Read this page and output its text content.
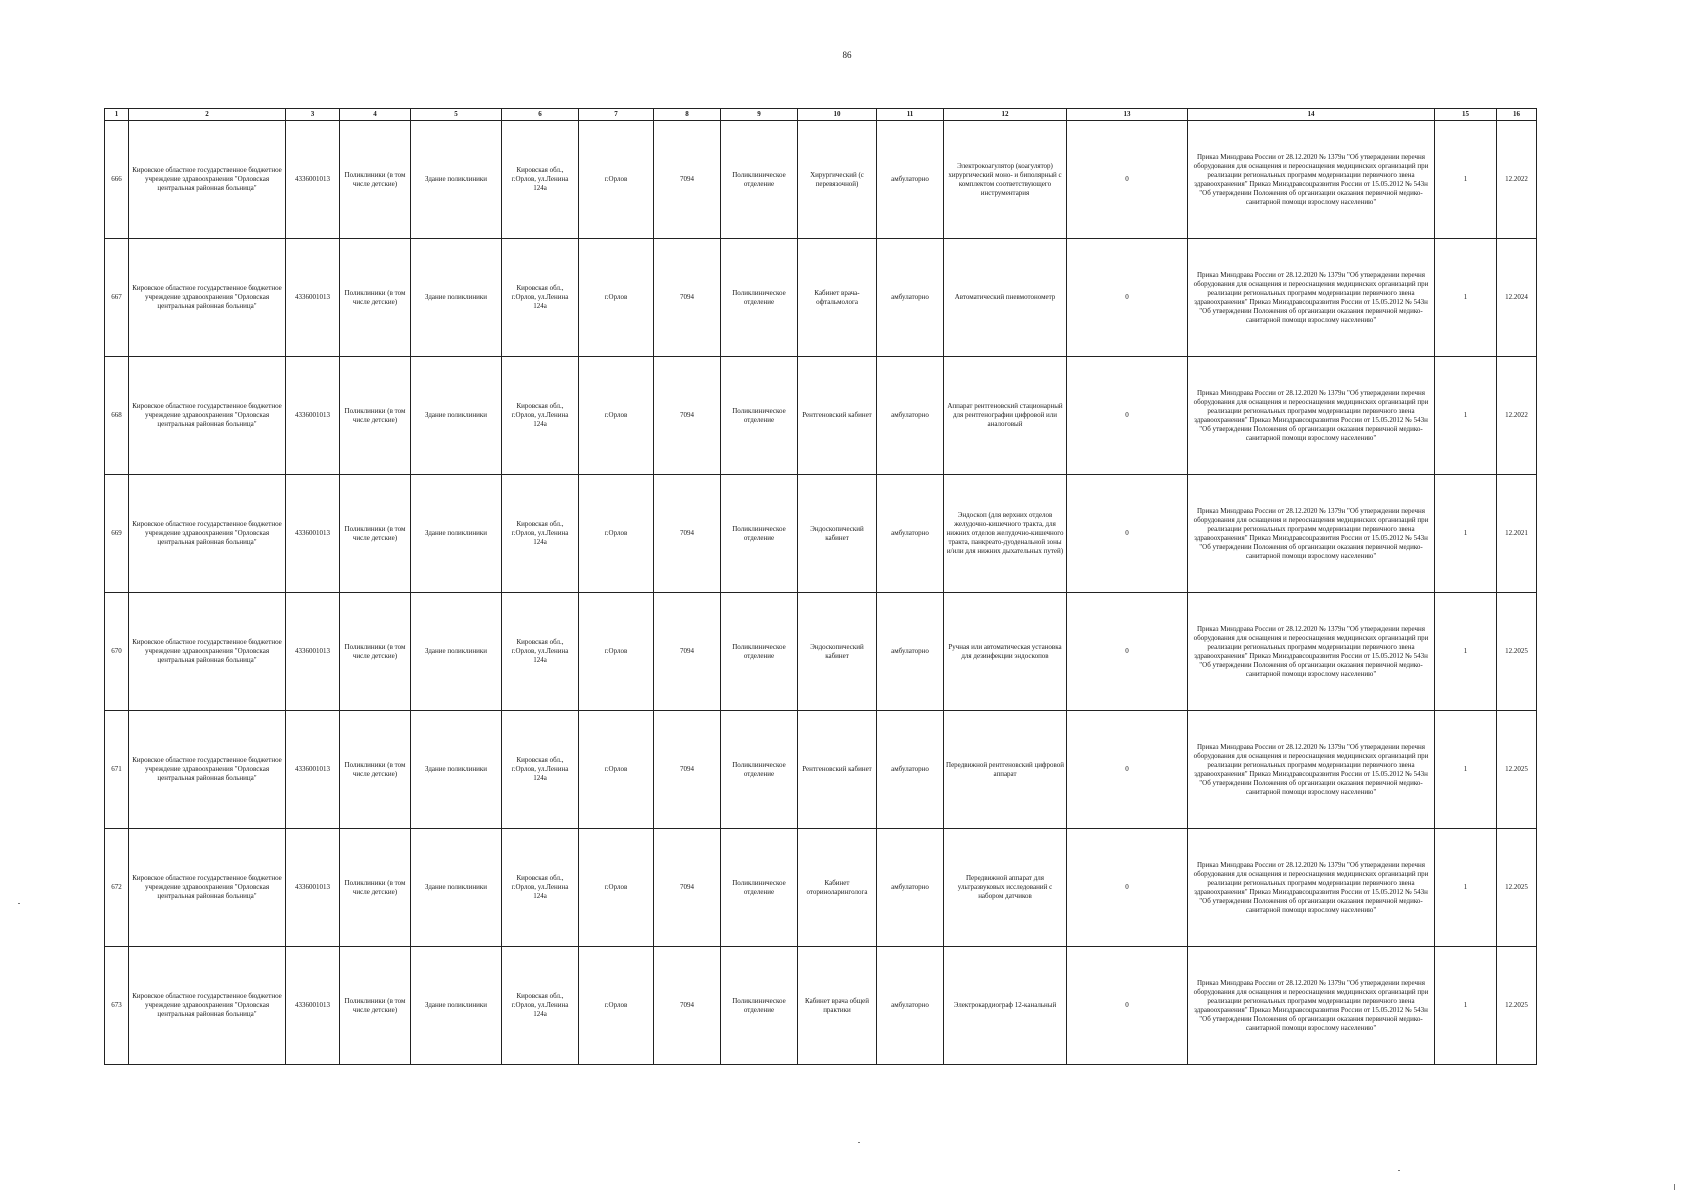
86
1	2	3	4	5	6	7	8	9	10	11	12	13	14	15	16
666	Кировское областное государственное бюджетное учреждение здравоохранения "Орловская центральная районная больница"	4336001013	Поликлиники (в том числе детские)	Здание поликлиники	Кировская обл., г.Орлов, ул.Ленина 124а	г.Орлов	7094	Поликлиническое отделение	Хирургический (с перевязочной)	амбулаторно	Электрокоагулятор (коагулятор) хирургический моно- и биполярный с комплектом соответствующего инструментария	0	Приказ Минздрава России от 28.12.2020 № 1379н "Об утверждении перечня оборудования для оснащения и переоснащения медицинских организаций при реализации региональных программ модернизации первичного звена здравоохранения" Приказ Минздравсоцразвития России от 15.05.2012 № 543н "Об утверждении Положения об организации оказания первичной медико-санитарной помощи взрослому населению"	1	12.2022
667	Кировское областное государственное бюджетное учреждение здравоохранения "Орловская центральная районная больница"	4336001013	Поликлиники (в том числе детские)	Здание поликлиники	Кировская обл., г.Орлов, ул.Ленина 124а	г.Орлов	7094	Поликлиническое отделение	Кабинет врача-офтальмолога	амбулаторно	Автоматический пневмотонометр	0	Приказ Минздрава России от 28.12.2020 № 1379н "Об утверждении перечня оборудования для оснащения и переоснащения медицинских организаций при реализации региональных программ модернизации первичного звена здравоохранения" Приказ Минздравсоцразвития России от 15.05.2012 № 543н "Об утверждении Положения об организации оказания первичной медико-санитарной помощи взрослому населению"	1	12.2024
668	Кировское областное государственное бюджетное учреждение здравоохранения "Орловская центральная районная больница"	4336001013	Поликлиники (в том числе детские)	Здание поликлиники	Кировская обл., г.Орлов, ул.Ленина 124а	г.Орлов	7094	Поликлиническое отделение	Рентгеновский кабинет	амбулаторно	Аппарат рентгеновский стационарный для рентгенографии цифровой или аналоговый	0	Приказ Минздрава России от 28.12.2020 № 1379н "Об утверждении перечня оборудования для оснащения и переоснащения медицинских организаций при реализации региональных программ модернизации первичного звена здравоохранения" Приказ Минздравсоцразвития России от 15.05.2012 № 543н "Об утверждении Положения об организации оказания первичной медико-санитарной помощи взрослому населению"	1	12.2022
669	Кировское областное государственное бюджетное учреждение здравоохранения "Орловская центральная районная больница"	4336001013	Поликлиники (в том числе детские)	Здание поликлиники	Кировская обл., г.Орлов, ул.Ленина 124а	г.Орлов	7094	Поликлиническое отделение	Эндоскопический кабинет	амбулаторно	Эндоскоп (для верхних отделов желудочно-кишечного тракта, для нижних отделов желудочно-кишечного тракта, панкреато-дуоденальной зоны и/или для нижних дыхательных путей)	0	Приказ Минздрава России от 28.12.2020 № 1379н "Об утверждении перечня оборудования для оснащения и переоснащения медицинских организаций при реализации региональных программ модернизации первичного звена здравоохранения" Приказ Минздравсоцразвития России от 15.05.2012 № 543н "Об утверждении Положения об организации оказания первичной медико-санитарной помощи взрослому населению"	1	12.2021
670	Кировское областное государственное бюджетное учреждение здравоохранения "Орловская центральная районная больница"	4336001013	Поликлиники (в том числе детские)	Здание поликлиники	Кировская обл., г.Орлов, ул.Ленина 124а	г.Орлов	7094	Поликлиническое отделение	Эндоскопический кабинет	амбулаторно	Ручная или автоматическая установка для дезинфекции эндоскопов	0	Приказ Минздрава России от 28.12.2020 № 1379н "Об утверждении перечня оборудования для оснащения и переоснащения медицинских организаций при реализации региональных программ модернизации первичного звена здравоохранения" Приказ Минздравсоцразвития России от 15.05.2012 № 543н "Об утверждении Положения об организации оказания первичной медико-санитарной помощи взрослому населению"	1	12.2025
671	Кировское областное государственное бюджетное учреждение здравоохранения "Орловская центральная районная больница"	4336001013	Поликлиники (в том числе детские)	Здание поликлиники	Кировская обл., г.Орлов, ул.Ленина 124а	г.Орлов	7094	Поликлиническое отделение	Рентгеновский кабинет	амбулаторно	Передвижной рентгеновский цифровой аппарат	0	Приказ Минздрава России от 28.12.2020 № 1379н "Об утверждении перечня оборудования для оснащения и переоснащения медицинских организаций при реализации региональных программ модернизации первичного звена здравоохранения" Приказ Минздравсоцразвития России от 15.05.2012 № 543н "Об утверждении Положения об организации оказания первичной медико-санитарной помощи взрослому населению"	1	12.2025
672	Кировское областное государственное бюджетное учреждение здравоохранения "Орловская центральная районная больница"	4336001013	Поликлиники (в том числе детские)	Здание поликлиники	Кировская обл., г.Орлов, ул.Ленина 124а	г.Орлов	7094	Поликлиническое отделение	Кабинет оториноларинголога	амбулаторно	Передвижной аппарат для ультразвуковых исследований с набором датчиков	0	Приказ Минздрава России от 28.12.2020 № 1379н "Об утверждении перечня оборудования для оснащения и переоснащения медицинских организаций при реализации региональных программ модернизации первичного звена здравоохранения" Приказ Минздравсоцразвития России от 15.05.2012 № 543н "Об утверждении Положения об организации оказания первичной медико-санитарной помощи взрослому населению"	1	12.2025
673	Кировское областное государственное бюджетное учреждение здравоохранения "Орловская центральная районная больница"	4336001013	Поликлиники (в том числе детские)	Здание поликлиники	Кировская обл., г.Орлов, ул.Ленина 124а	г.Орлов	7094	Поликлиническое отделение	Кабинет врача общей практики	амбулаторно	Электрокардиограф 12-канальный	0	Приказ Минздрава России от 28.12.2020 № 1379н "Об утверждении перечня оборудования для оснащения и переоснащения медицинских организаций при реализации региональных программ модернизации первичного звена здравоохранения" Приказ Минздравсоцразвития России от 15.05.2012 № 543н "Об утверждении Положения об организации оказания первичной медико-санитарной помощи взрослому населению"	1	12.2025
